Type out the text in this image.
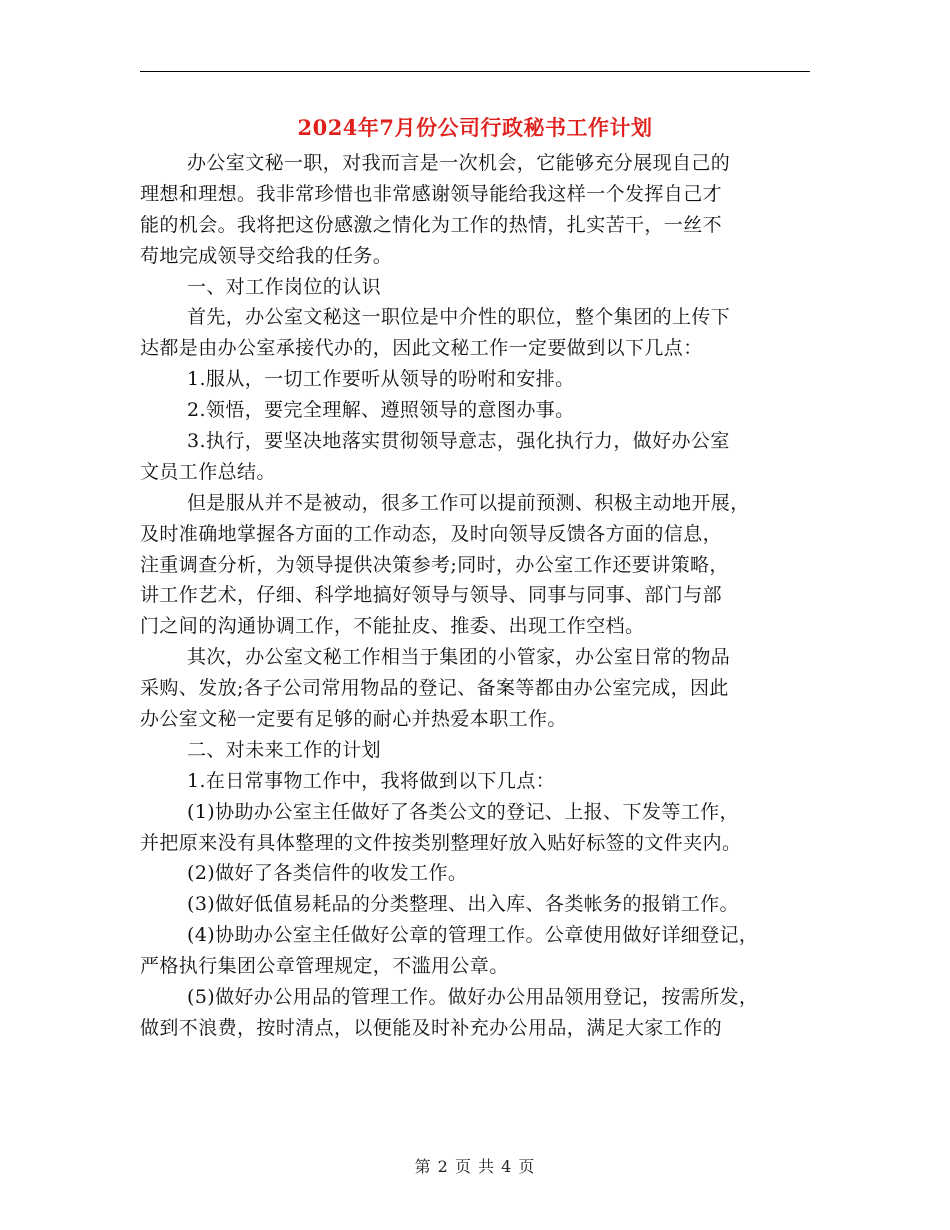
2024年7月份公司行政秘书工作计划
办公室文秘一职，对我而言是一次机会，它能够充分展现自己的
理想和理想。我非常珍惜也非常感谢领导能给我这样一个发挥自己才
能的机会。我将把这份感激之情化为工作的热情，扎实苦干，一丝不
苟地完成领导交给我的任务。
一、对工作岗位的认识
首先，办公室文秘这一职位是中介性的职位，整个集团的上传下
达都是由办公室承接代办的，因此文秘工作一定要做到以下几点：
1.服从，一切工作要听从领导的吩咐和安排。
2.领悟，要完全理解、遵照领导的意图办事。
3.执行，要坚决地落实贯彻领导意志，强化执行力，做好办公室
文员工作总结。
但是服从并不是被动，很多工作可以提前预测、积极主动地开展，
及时准确地掌握各方面的工作动态，及时向领导反馈各方面的信息，
注重调查分析，为领导提供决策参考;同时，办公室工作还要讲策略，
讲工作艺术，仔细、科学地搞好领导与领导、同事与同事、部门与部
门之间的沟通协调工作，不能扯皮、推委、出现工作空档。
其次，办公室文秘工作相当于集团的小管家，办公室日常的物品
采购、发放;各子公司常用物品的登记、备案等都由办公室完成，因此
办公室文秘一定要有足够的耐心并热爱本职工作。
二、对未来工作的计划
1.在日常事物工作中，我将做到以下几点：
(1)协助办公室主任做好了各类公文的登记、上报、下发等工作，
并把原来没有具体整理的文件按类别整理好放入贴好标签的文件夹内。
(2)做好了各类信件的收发工作。
(3)做好低值易耗品的分类整理、出入库、各类帐务的报销工作。
(4)协助办公室主任做好公章的管理工作。公章使用做好详细登记，
严格执行集团公章管理规定，不滥用公章。
(5)做好办公用品的管理工作。做好办公用品领用登记，按需所发，
做到不浪费，按时清点，以便能及时补充办公用品，满足大家工作的
第 2 页 共 4 页
